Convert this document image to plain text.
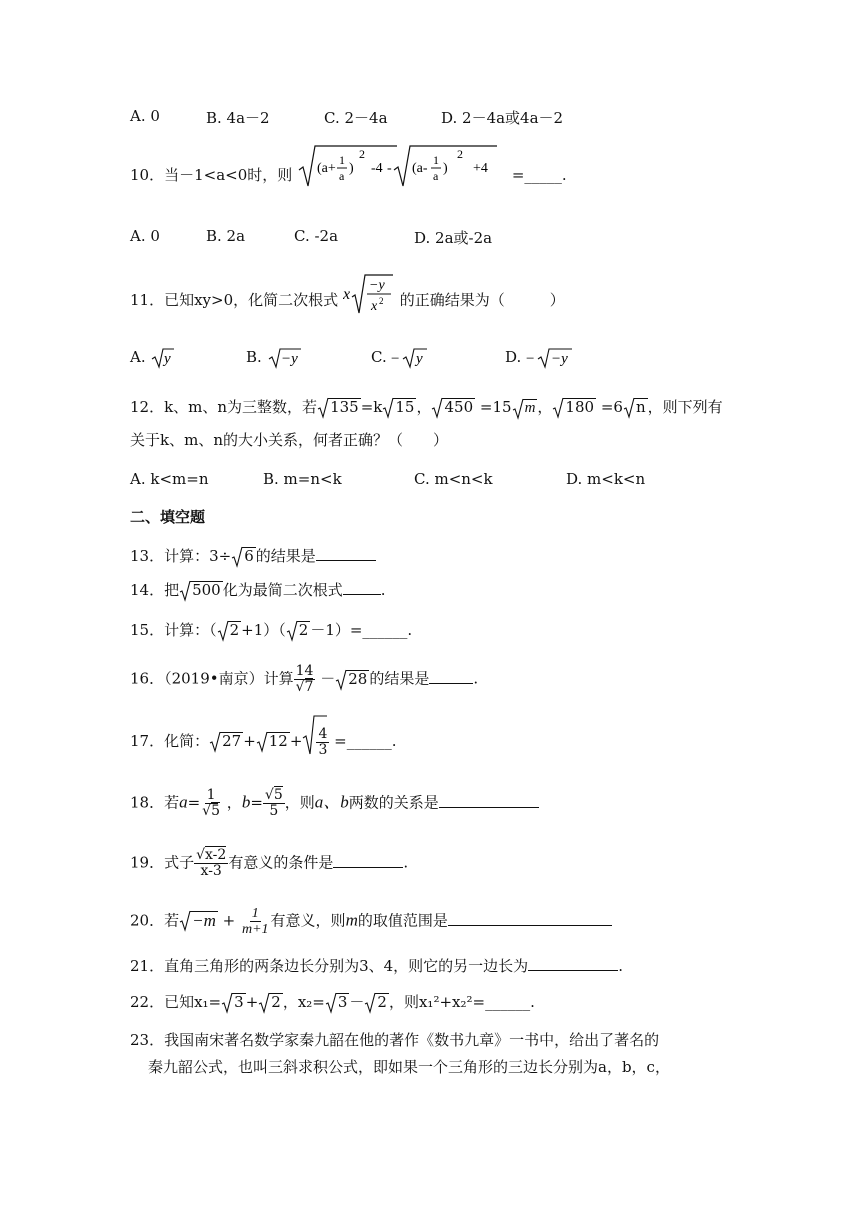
A. 0	B. 4a－2	C. 2－4a	D. 2－4a或4a－2
10．当－1<a<0时，则 (a+
1
a )
2
-4 - (a-
1
a )
2
+4 =_____.
A. 0	B. 2a	C. -2a	D. 2a或-2a
11．已知xy>0，化简二次根式 x
−y
x 2 的正确结果为（　　　）
A. y	B. −y	C. − y	D. − −y
12．k、m、n为三整数，若 135 =k 15 ， 450 =15 m ， 180 =6 n ，则下列有
关于k、m、n的大小关系，何者正确？（　　）
A. k<m=n	B. m=n<k	C. m<n<k	D. m<k<n
二、填空题
13．计算：3÷ 6 的结果是
14．把 500 化为最简二次根式	.
15．计算：（ 2 +1）（ 2 －1）=______.
16．（2019•南京）计算 $\frac{14}{√7} - 28$ 的结果是	.
17．化简： $27 + 12 + \frac{4}{3}$ =______.
18．若$a= \frac{1}{√5}$ ，$b= \frac{√5}{5}$ ，则a、b两数的关系是
19．式子 $\frac{√x-2}{x-3}$ 有意义的条件是	.
20．若 $-m + \frac{1}{m+1}$ 有意义，则m的取值范围是
21．直角三角形的两条边长分别为3、4，则它的另一边长为	.
22．已知x₁= 3 + 2 ，x₂= 3 － 2 ，则x₁²+x₂²=______.
23．我国南宋著名数学家秦九韶在他的著作《数书九章》一书中，给出了著名的
秦九韶公式，也叫三斜求积公式，即如果一个三角形的三边长分别为a，b，c，
